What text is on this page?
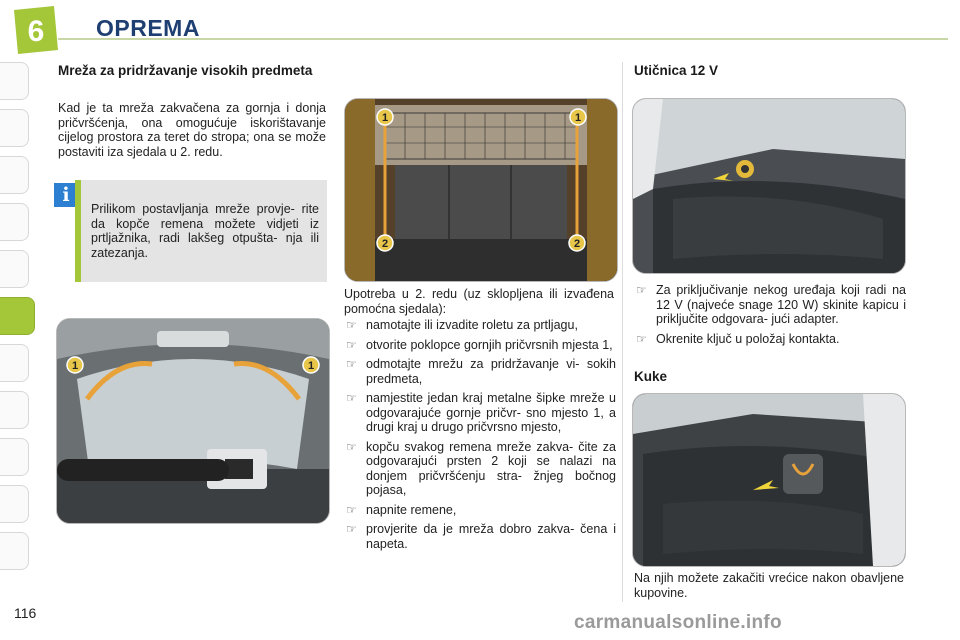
6 OPREMA
Mreža za pridržavanje visokih predmeta

Kad je ta mreža zakvačena za gornja i donja pričvršćenja, ona omogućuje iskorištavanje cijelog prostora za teret do stropa; ona se može postaviti iza sjedala u 2. redu.

i

Prilikom postavljanja mreže provje- rite da kopče remena možete vidjeti iz prtljažnika, radi lakšeg otpušta- nja ili zatezanja.

1	1
1	1
2	2

Upotreba u 2. redu (uz sklopljena ili izvađena pomoćna sjedala):

☞ namotajte ili izvadite roletu za prtljagu,
☞ otvorite poklopce gornjih pričvrsnih mjesta 1,
☞ odmotajte mrežu za pridržavanje vi- sokih predmeta,
☞ namjestite jedan kraj metalne šipke mreže u odgovarajuće gornje pričvr- sno mjesto 1, a drugi kraj u drugo pričvrsno mjesto,
☞ kopču svakog remena mreže zakva- čite za odgovarajući prsten 2 koji se nalazi na donjem pričvršćenju stra- žnjeg bočnog pojasa,
☞ napnite remene,
☞ provjerite da je mreža dobro zakva- čena i napeta.
Utičnica 12 V
☞ Za priključivanje nekog uređaja koji radi na 12 V (najveće snage 120 W) skinite kapicu i priključite odgovara- jući adapter.
☞ Okrenite ključ u položaj kontakta.
Kuke

Na njih možete zakačiti vrećice nakon obavljene kupovine.

116	carmanualsonline.info
